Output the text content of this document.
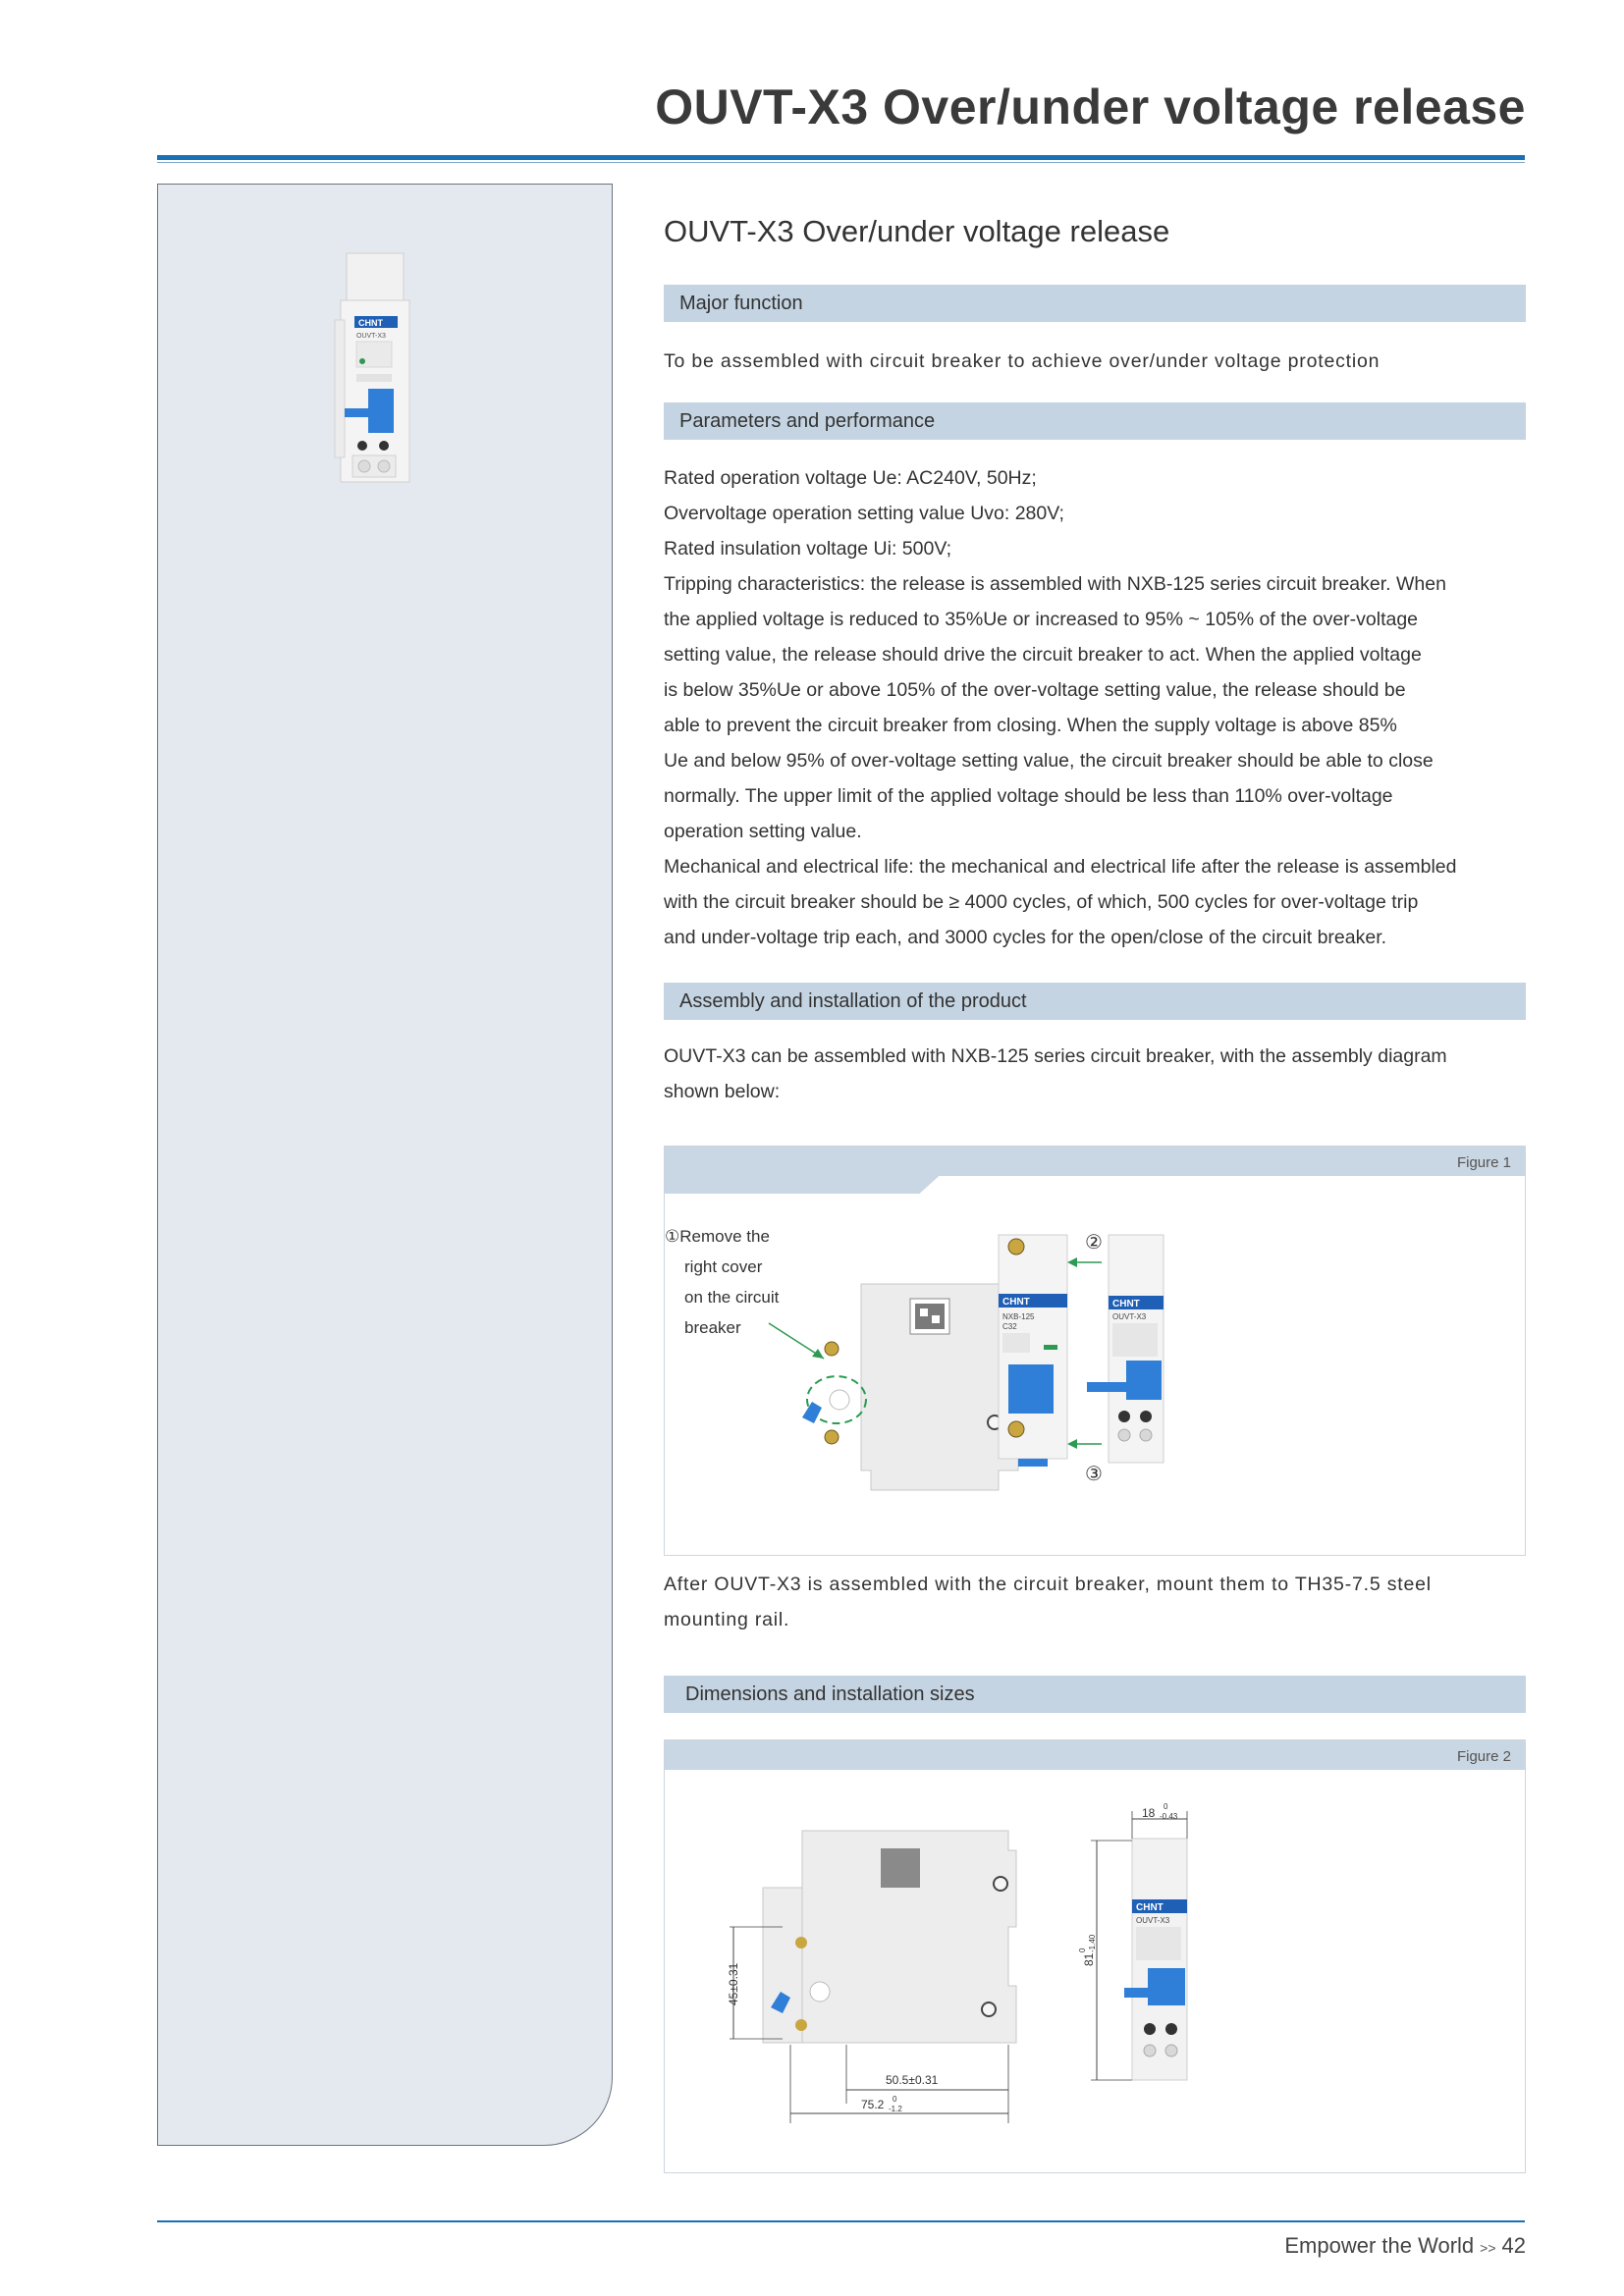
OUVT-X3 Over/under voltage release
CHNT
OUVT-X3
OUVT-X3 Over/under voltage release
Major function
To be assembled with circuit breaker to achieve over/under voltage protection
Parameters and performance
Rated operation voltage Ue: AC240V, 50Hz;
Overvoltage operation setting value Uvo: 280V;
Rated insulation voltage Ui: 500V;
Tripping characteristics: the release is assembled with NXB-125 series circuit breaker. When
the applied voltage is reduced to 35%Ue or increased to 95% ~ 105% of the over-voltage
setting value, the release should drive the circuit breaker to act. When the applied voltage
is below 35%Ue or above 105% of the over-voltage setting value, the release should be
able to prevent the circuit breaker from closing. When the supply voltage is above 85%
Ue and below 95% of over-voltage setting value, the circuit breaker should be able to close
normally. The upper limit of the applied voltage should be less than 110% over-voltage
operation setting value.
Mechanical and electrical life: the mechanical and electrical life after the release is assembled
with the circuit breaker should be ≥ 4000 cycles, of which, 500 cycles for over-voltage trip
and under-voltage trip each, and 3000 cycles for the open/close of the circuit breaker.
Assembly and installation of the product
OUVT-X3 can be assembled with NXB-125 series circuit breaker, with the assembly diagram
shown below:
Figure 1
①Remove the right cover on the circuit breaker
CHNT
NXB-125
C32
②
③
CHNT
OUVT-X3
After OUVT-X3 is assembled with the circuit breaker, mount them to TH35-7.5 steel
mounting rail.
Dimensions and installation sizes
Figure 2
45±0.31
50.5±0.31
75.2 0
-1.2
CHNT
OUVT-X3
18 0
-0.43
81
0 -1.40
Empower the World >> 42
